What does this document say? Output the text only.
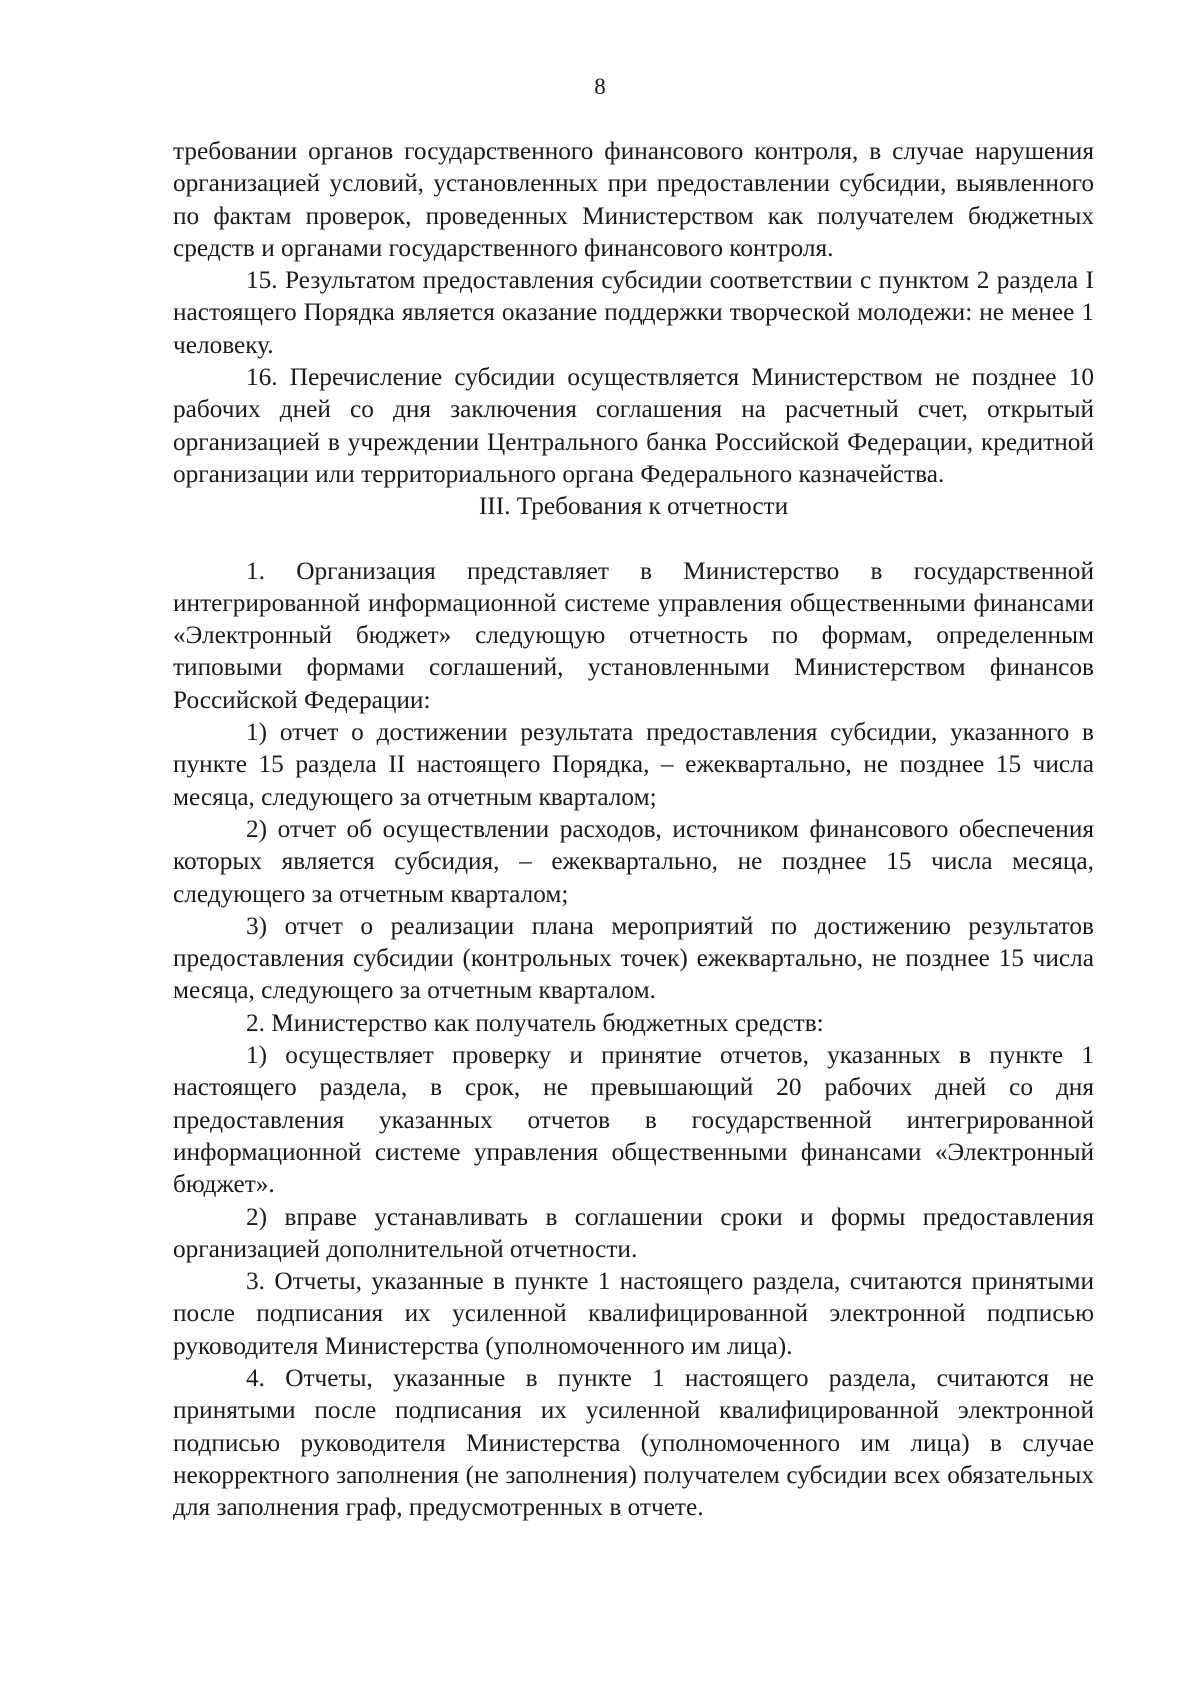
8

требовании органов государственного финансового контроля, в случае нарушения организацией условий, установленных при предоставлении субсидии, выявленного по фактам проверок, проведенных Министерством как получателем бюджетных средств и органами государственного финансового контроля.

15. Результатом предоставления субсидии соответствии с пунктом 2 раздела I настоящего Порядка является оказание поддержки творческой молодежи: не менее 1 человеку.

16. Перечисление субсидии осуществляется Министерством не позднее 10 рабочих дней со дня заключения соглашения на расчетный счет, открытый организацией в учреждении Центрального банка Российской Федерации, кредитной организации или территориального органа Федерального казначейства.

III. Требования к отчетности

1. Организация представляет в Министерство в государственной интегрированной информационной системе управления общественными финансами «Электронный бюджет» следующую отчетность по формам, определенным типовыми формами соглашений, установленными Министерством финансов Российской Федерации:

1) отчет о достижении результата предоставления субсидии, указанного в пункте 15 раздела II настоящего Порядка, – ежеквартально, не позднее 15 числа месяца, следующего за отчетным кварталом;

2) отчет об осуществлении расходов, источником финансового обеспечения которых является субсидия, – ежеквартально, не позднее 15 числа месяца, следующего за отчетным кварталом;

3) отчет о реализации плана мероприятий по достижению результатов предоставления субсидии (контрольных точек) ежеквартально, не позднее 15 числа месяца, следующего за отчетным кварталом.

2. Министерство как получатель бюджетных средств:

1) осуществляет проверку и принятие отчетов, указанных в пункте 1 настоящего раздела, в срок, не превышающий 20 рабочих дней со дня предоставления указанных отчетов в государственной интегрированной информационной системе управления общественными финансами «Электронный бюджет».

2) вправе устанавливать в соглашении сроки и формы предоставления организацией дополнительной отчетности.

3. Отчеты, указанные в пункте 1 настоящего раздела, считаются принятыми после подписания их усиленной квалифицированной электронной подписью руководителя Министерства (уполномоченного им лица).

4. Отчеты, указанные в пункте 1 настоящего раздела, считаются не принятыми после подписания их усиленной квалифицированной электронной подписью руководителя Министерства (уполномоченного им лица) в случае некорректного заполнения (не заполнения) получателем субсидии всех обязательных для заполнения граф, предусмотренных в отчете.
